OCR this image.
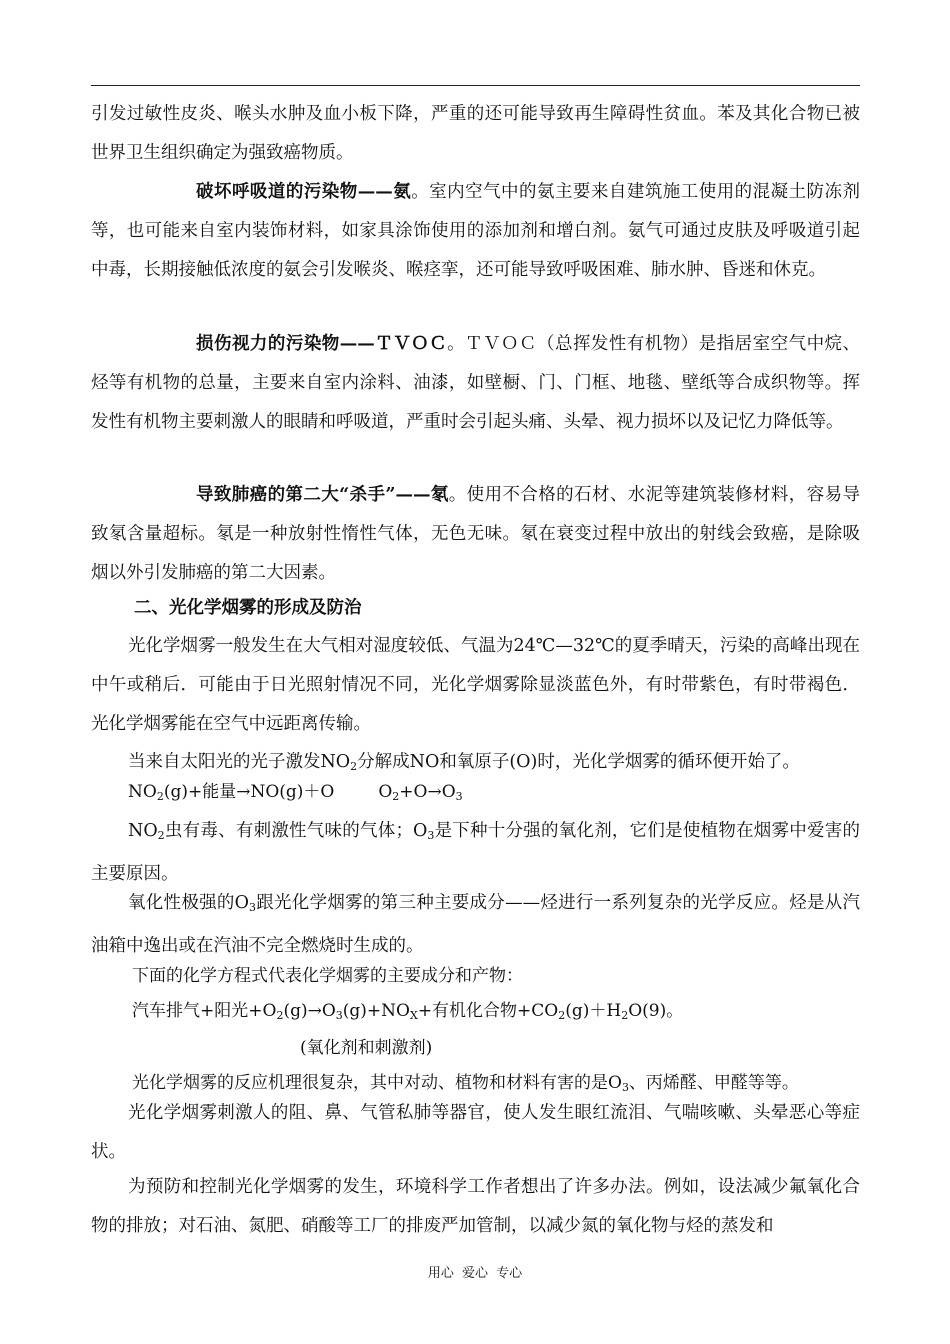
引发过敏性皮炎、喉头水肿及血小板下降，严重的还可能导致再生障碍性贫血。苯及其化合物已被世界卫生组织确定为强致癌物质。

破坏呼吸道的污染物——氨。室内空气中的氨主要来自建筑施工使用的混凝土防冻剂等，也可能来自室内装饰材料，如家具涂饰使用的添加剂和增白剂。氨气可通过皮肤及呼吸道引起中毒，长期接触低浓度的氨会引发喉炎、喉痉挛，还可能导致呼吸困难、肺水肿、昏迷和休克。

损伤视力的污染物——ＴＶＯＣ。ＴＶＯＣ（总挥发性有机物）是指居室空气中烷、烃等有机物的总量，主要来自室内涂料、油漆，如壁橱、门、门框、地毯、壁纸等合成织物等。挥发性有机物主要刺激人的眼睛和呼吸道，严重时会引起头痛、头晕、视力损坏以及记忆力降低等。

导致肺癌的第二大“杀手”——氡。使用不合格的石材、水泥等建筑装修材料，容易导致氡含量超标。氡是一种放射性惰性气体，无色无味。氡在衰变过程中放出的射线会致癌，是除吸烟以外引发肺癌的第二大因素。

二、光化学烟雾的形成及防治

光化学烟雾一般发生在大气相对湿度较低、气温为24℃—32℃的夏季晴天，污染的高峰出现在中午或稍后．可能由于日光照射情况不同，光化学烟雾除显淡蓝色外，有时带紫色，有时带褐色．光化学烟雾能在空气中远距离传输。

当来自太阳光的光子激发$NO_2$分解成NO和氧原子(O)时，光化学烟雾的循环便开始了。

$NO_2(g)+$能量→NO(g)＋O	$O_2+O\to O_3$

$NO_2$虫有毒、有刺激性气味的气体；$O_3$是下种十分强的氧化剂，它们是使植物在烟雾中爱害的主要原因。

氧化性极强的$O_3$跟光化学烟雾的第三种主要成分——烃进行一系列复杂的光学反应。烃是从汽油箱中逸出或在汽油不完全燃烧时生成的。

下面的化学方程式代表化学烟雾的主要成分和产物：

汽车排气+阳光$+O_2(g)\to O_3(g)+NO_X+$有机化合物$+CO_2(g)+H_2O(9)$。

(氧化剂和刺激剂)

光化学烟雾的反应机理很复杂，其中对动、植物和材料有害的是$O_3$、丙烯醛、甲醛等等。

光化学烟雾刺激人的阻、鼻、气管私肺等器官，使人发生眼红流泪、气喘咳嗽、头晕恶心等症状。

为预防和控制光化学烟雾的发生，环境科学工作者想出了许多办法。例如，设法减少氟氧化合物的排放；对石油、氮肥、硝酸等工厂的排废严加管制，以减少氮的氧化物与烃的蒸发和

用心 爱心 专心
